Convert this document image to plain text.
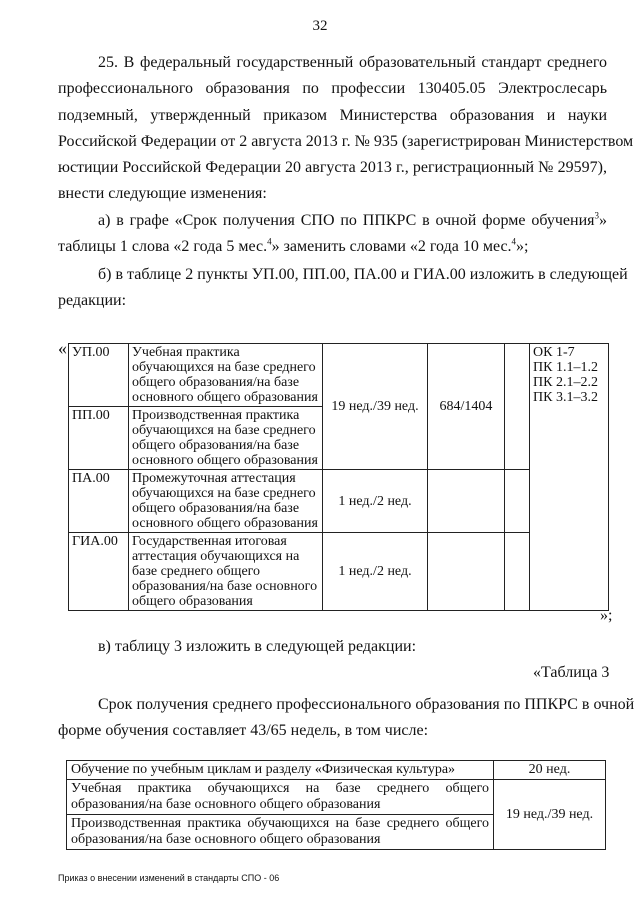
32
25. В федеральный государственный образовательный стандарт среднего
профессионального образования по профессии 130405.05 Электрослесарь
подземный, утвержденный приказом Министерства образования и науки
Российской Федерации от 2 августа 2013 г. № 935 (зарегистрирован Министерством
юстиции Российской Федерации 20 августа 2013 г., регистрационный № 29597),
внести следующие изменения:
а) в графе «Срок получения СПО по ППКРС в очной форме обучения$^3$»
таблицы 1 слова «2 года 5 мес.$^4$» заменить словами «2 года 10 мес.$^4$»;
б) в таблице 2 пункты УП.00, ПП.00, ПА.00 и ГИА.00 изложить в следующей
редакции:
« УП.00	Учебная практика обучающихся на базе среднего общего образования/на базе основного общего образования	19 нед./39 нед.	684/1404		ОК 1-7
ПК 1.1–1.2
ПК 2.1–2.2
ПК 3.1–3.2

ПП.00	Производственная практика обучающихся на базе среднего общего образования/на базе основного общего образования				
ПА.00	Промежуточная аттестация обучающихся на базе среднего общего образования/на базе основного общего образования	1 нед./2 нед.			
ГИА.00	Государственная итоговая аттестация обучающихся на базе среднего общего образования/на базе основного общего образования	1 нед./2 нед.			
»;
в) таблицу 3 изложить в следующей редакции:
«Таблица 3
Срок получения среднего профессионального образования по ППКРС в очной
форме обучения составляет 43/65 недель, в том числе:
Обучение по учебным циклам и разделу «Физическая культура»	20 нед.
Учебная практика обучающихся на базе среднего общего образования/на базе основного общего образования	19 нед./39 нед.
Производственная практика обучающихся на базе среднего общего образования/на базе основного общего образования	
Приказ о внесении изменений в стандарты СПО - 06
